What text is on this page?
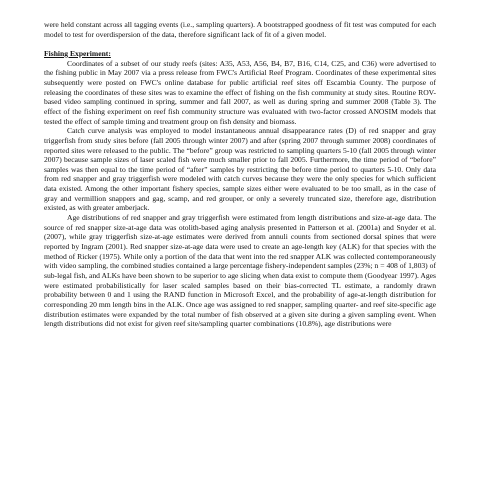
were held constant across all tagging events (i.e., sampling quarters). A bootstrapped goodness of fit test was computed for each model to test for overdispersion of the data, therefore significant lack of fit of a given model.

Fishing Experiment:

Coordinates of a subset of our study reefs (sites: A35, A53, A56, B4, B7, B16, C14, C25, and C36) were advertised to the fishing public in May 2007 via a press release from FWC's Artificial Reef Program. Coordinates of these experimental sites subsequently were posted on FWC's online database for public artificial reef sites off Escambia County. The purpose of releasing the coordinates of these sites was to examine the effect of fishing on the fish community at study sites. Routine ROV-based video sampling continued in spring, summer and fall 2007, as well as during spring and summer 2008 (Table 3). The effect of the fishing experiment on reef fish community structure was evaluated with two-factor crossed ANOSIM models that tested the effect of sample timing and treatment group on fish density and biomass.

Catch curve analysis was employed to model instantaneous annual disappearance rates (D) of red snapper and gray triggerfish from study sites before (fall 2005 through winter 2007) and after (spring 2007 through summer 2008) coordinates of reported sites were released to the public. The “before” group was restricted to sampling quarters 5-10 (fall 2005 through winter 2007) because sample sizes of laser scaled fish were much smaller prior to fall 2005. Furthermore, the time period of “before” samples was then equal to the time period of “after” samples by restricting the before time period to quarters 5-10. Only data from red snapper and gray triggerfish were modeled with catch curves because they were the only species for which sufficient data existed. Among the other important fishery species, sample sizes either were evaluated to be too small, as in the case of gray and vermillion snappers and gag, scamp, and red grouper, or only a severely truncated size, therefore age, distribution existed, as with greater amberjack.

Age distributions of red snapper and gray triggerfish were estimated from length distributions and size-at-age data. The source of red snapper size-at-age data was otolith-based aging analysis presented in Patterson et al. (2001a) and Snyder et al. (2007), while gray triggerfish size-at-age estimates were derived from annuli counts from sectioned dorsal spines that were reported by Ingram (2001). Red snapper size-at-age data were used to create an age-length key (ALK) for that species with the method of Ricker (1975). While only a portion of the data that went into the red snapper ALK was collected contemporaneously with video sampling, the combined studies contained a large percentage fishery-independent samples (23%; n = 408 of 1,803) of sub-legal fish, and ALKs have been shown to be superior to age slicing when data exist to compute them (Goodyear 1997). Ages were estimated probabilistically for laser scaled samples based on their bias-corrected TL estimate, a randomly drawn probability between 0 and 1 using the RAND function in Microsoft Excel, and the probability of age-at-length distribution for corresponding 20 mm length bins in the ALK. Once age was assigned to red snapper, sampling quarter- and reef site-specific age distribution estimates were expanded by the total number of fish observed at a given site during a given sampling event. When length distributions did not exist for given reef site/sampling quarter combinations (10.8%), age distributions were
